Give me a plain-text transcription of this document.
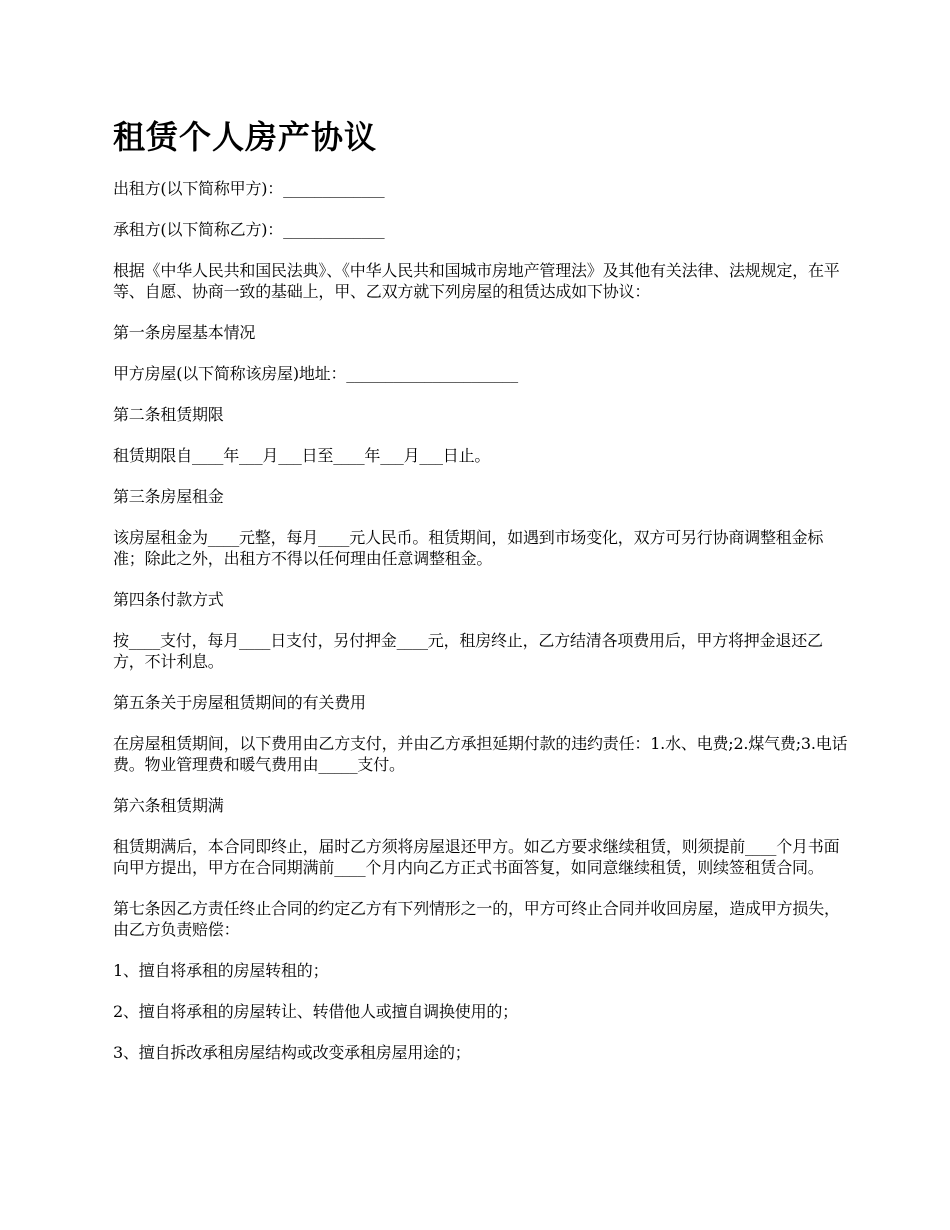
租赁个人房产协议

出租方(以下简称甲方)：_____________

承租方(以下简称乙方)：_____________

根据《中华人民共和国民法典》、《中华人民共和国城市房地产管理法》及其他有关法律、法规规定，在平等、自愿、协商一致的基础上，甲、乙双方就下列房屋的租赁达成如下协议：

第一条房屋基本情况

甲方房屋(以下简称该房屋)地址：______________________

第二条租赁期限

租赁期限自____年___月___日至____年___月___日止。

第三条房屋租金

该房屋租金为____元整，每月____元人民币。租赁期间，如遇到市场变化，双方可另行协商调整租金标准；除此之外，出租方不得以任何理由任意调整租金。

第四条付款方式

按____支付，每月____日支付，另付押金____元，租房终止，乙方结清各项费用后，甲方将押金退还乙方，不计利息。

第五条关于房屋租赁期间的有关费用

在房屋租赁期间，以下费用由乙方支付，并由乙方承担延期付款的违约责任：1.水、电费;2.煤气费;3.电话费。物业管理费和暖气费用由_____支付。

第六条租赁期满

租赁期满后，本合同即终止，届时乙方须将房屋退还甲方。如乙方要求继续租赁，则须提前____个月书面向甲方提出，甲方在合同期满前____个月内向乙方正式书面答复，如同意继续租赁，则续签租赁合同。

第七条因乙方责任终止合同的约定乙方有下列情形之一的，甲方可终止合同并收回房屋，造成甲方损失，由乙方负责赔偿：

1、擅自将承租的房屋转租的；

2、擅自将承租的房屋转让、转借他人或擅自调换使用的；

3、擅自拆改承租房屋结构或改变承租房屋用途的；
